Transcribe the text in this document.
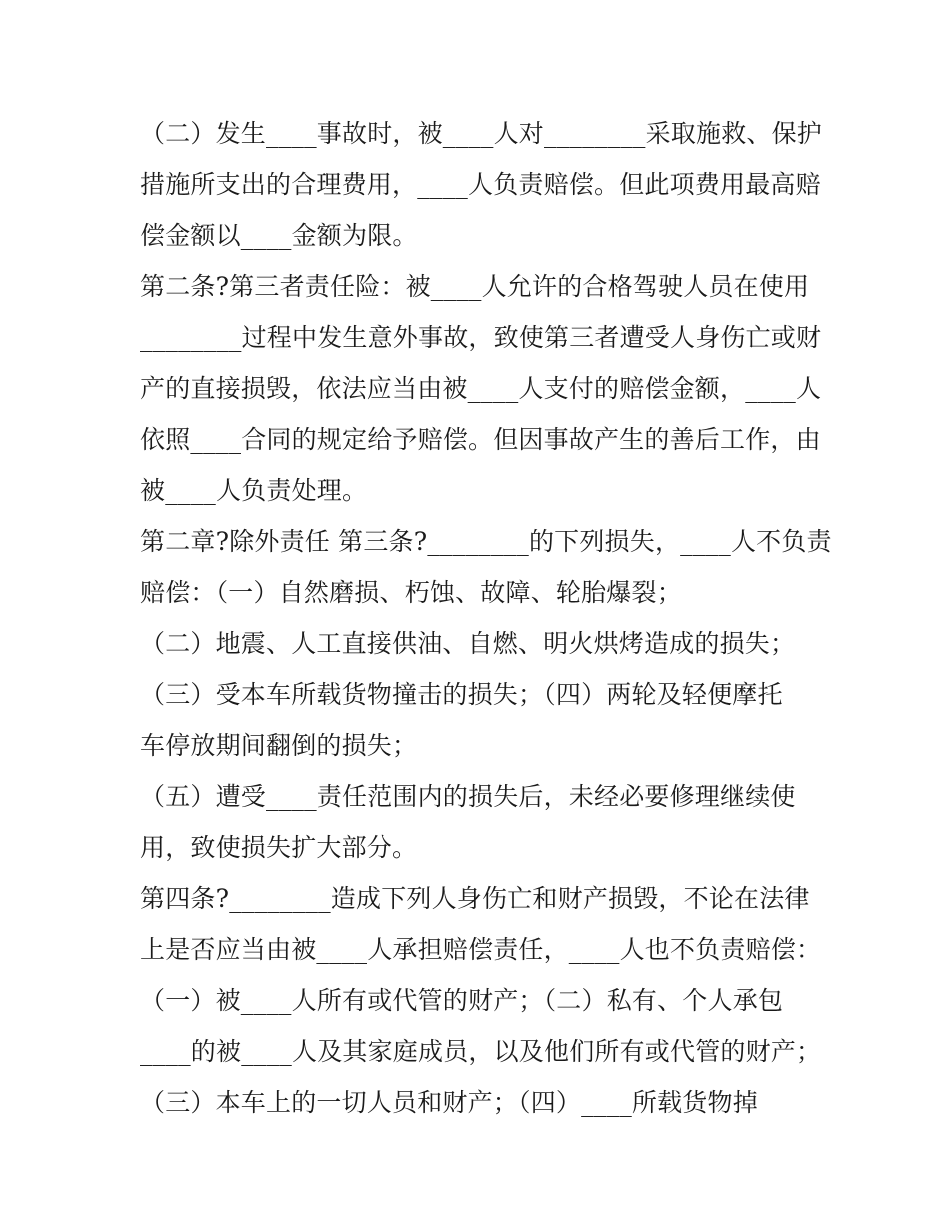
（二）发生____事故时，被____人对________采取施救、保护
措施所支出的合理费用，____人负责赔偿。但此项费用最高赔
偿金额以____金额为限。
第二条?第三者责任险：被____人允许的合格驾驶人员在使用
________过程中发生意外事故，致使第三者遭受人身伤亡或财
产的直接损毁，依法应当由被____人支付的赔偿金额，____人
依照____合同的规定给予赔偿。但因事故产生的善后工作，由
被____人负责处理。
第二章?除外责任 第三条?________的下列损失，____人不负责
赔偿：（一）自然磨损、朽蚀、故障、轮胎爆裂；
（二）地震、人工直接供油、自燃、明火烘烤造成的损失；
（三）受本车所载货物撞击的损失；（四）两轮及轻便摩托
车停放期间翻倒的损失；
（五）遭受____责任范围内的损失后，未经必要修理继续使
用，致使损失扩大部分。
第四条?________造成下列人身伤亡和财产损毁，不论在法律
上是否应当由被____人承担赔偿责任，____人也不负责赔偿：
（一）被____人所有或代管的财产；（二）私有、个人承包
____的被____人及其家庭成员，以及他们所有或代管的财产；
（三）本车上的一切人员和财产；（四）____所载货物掉
